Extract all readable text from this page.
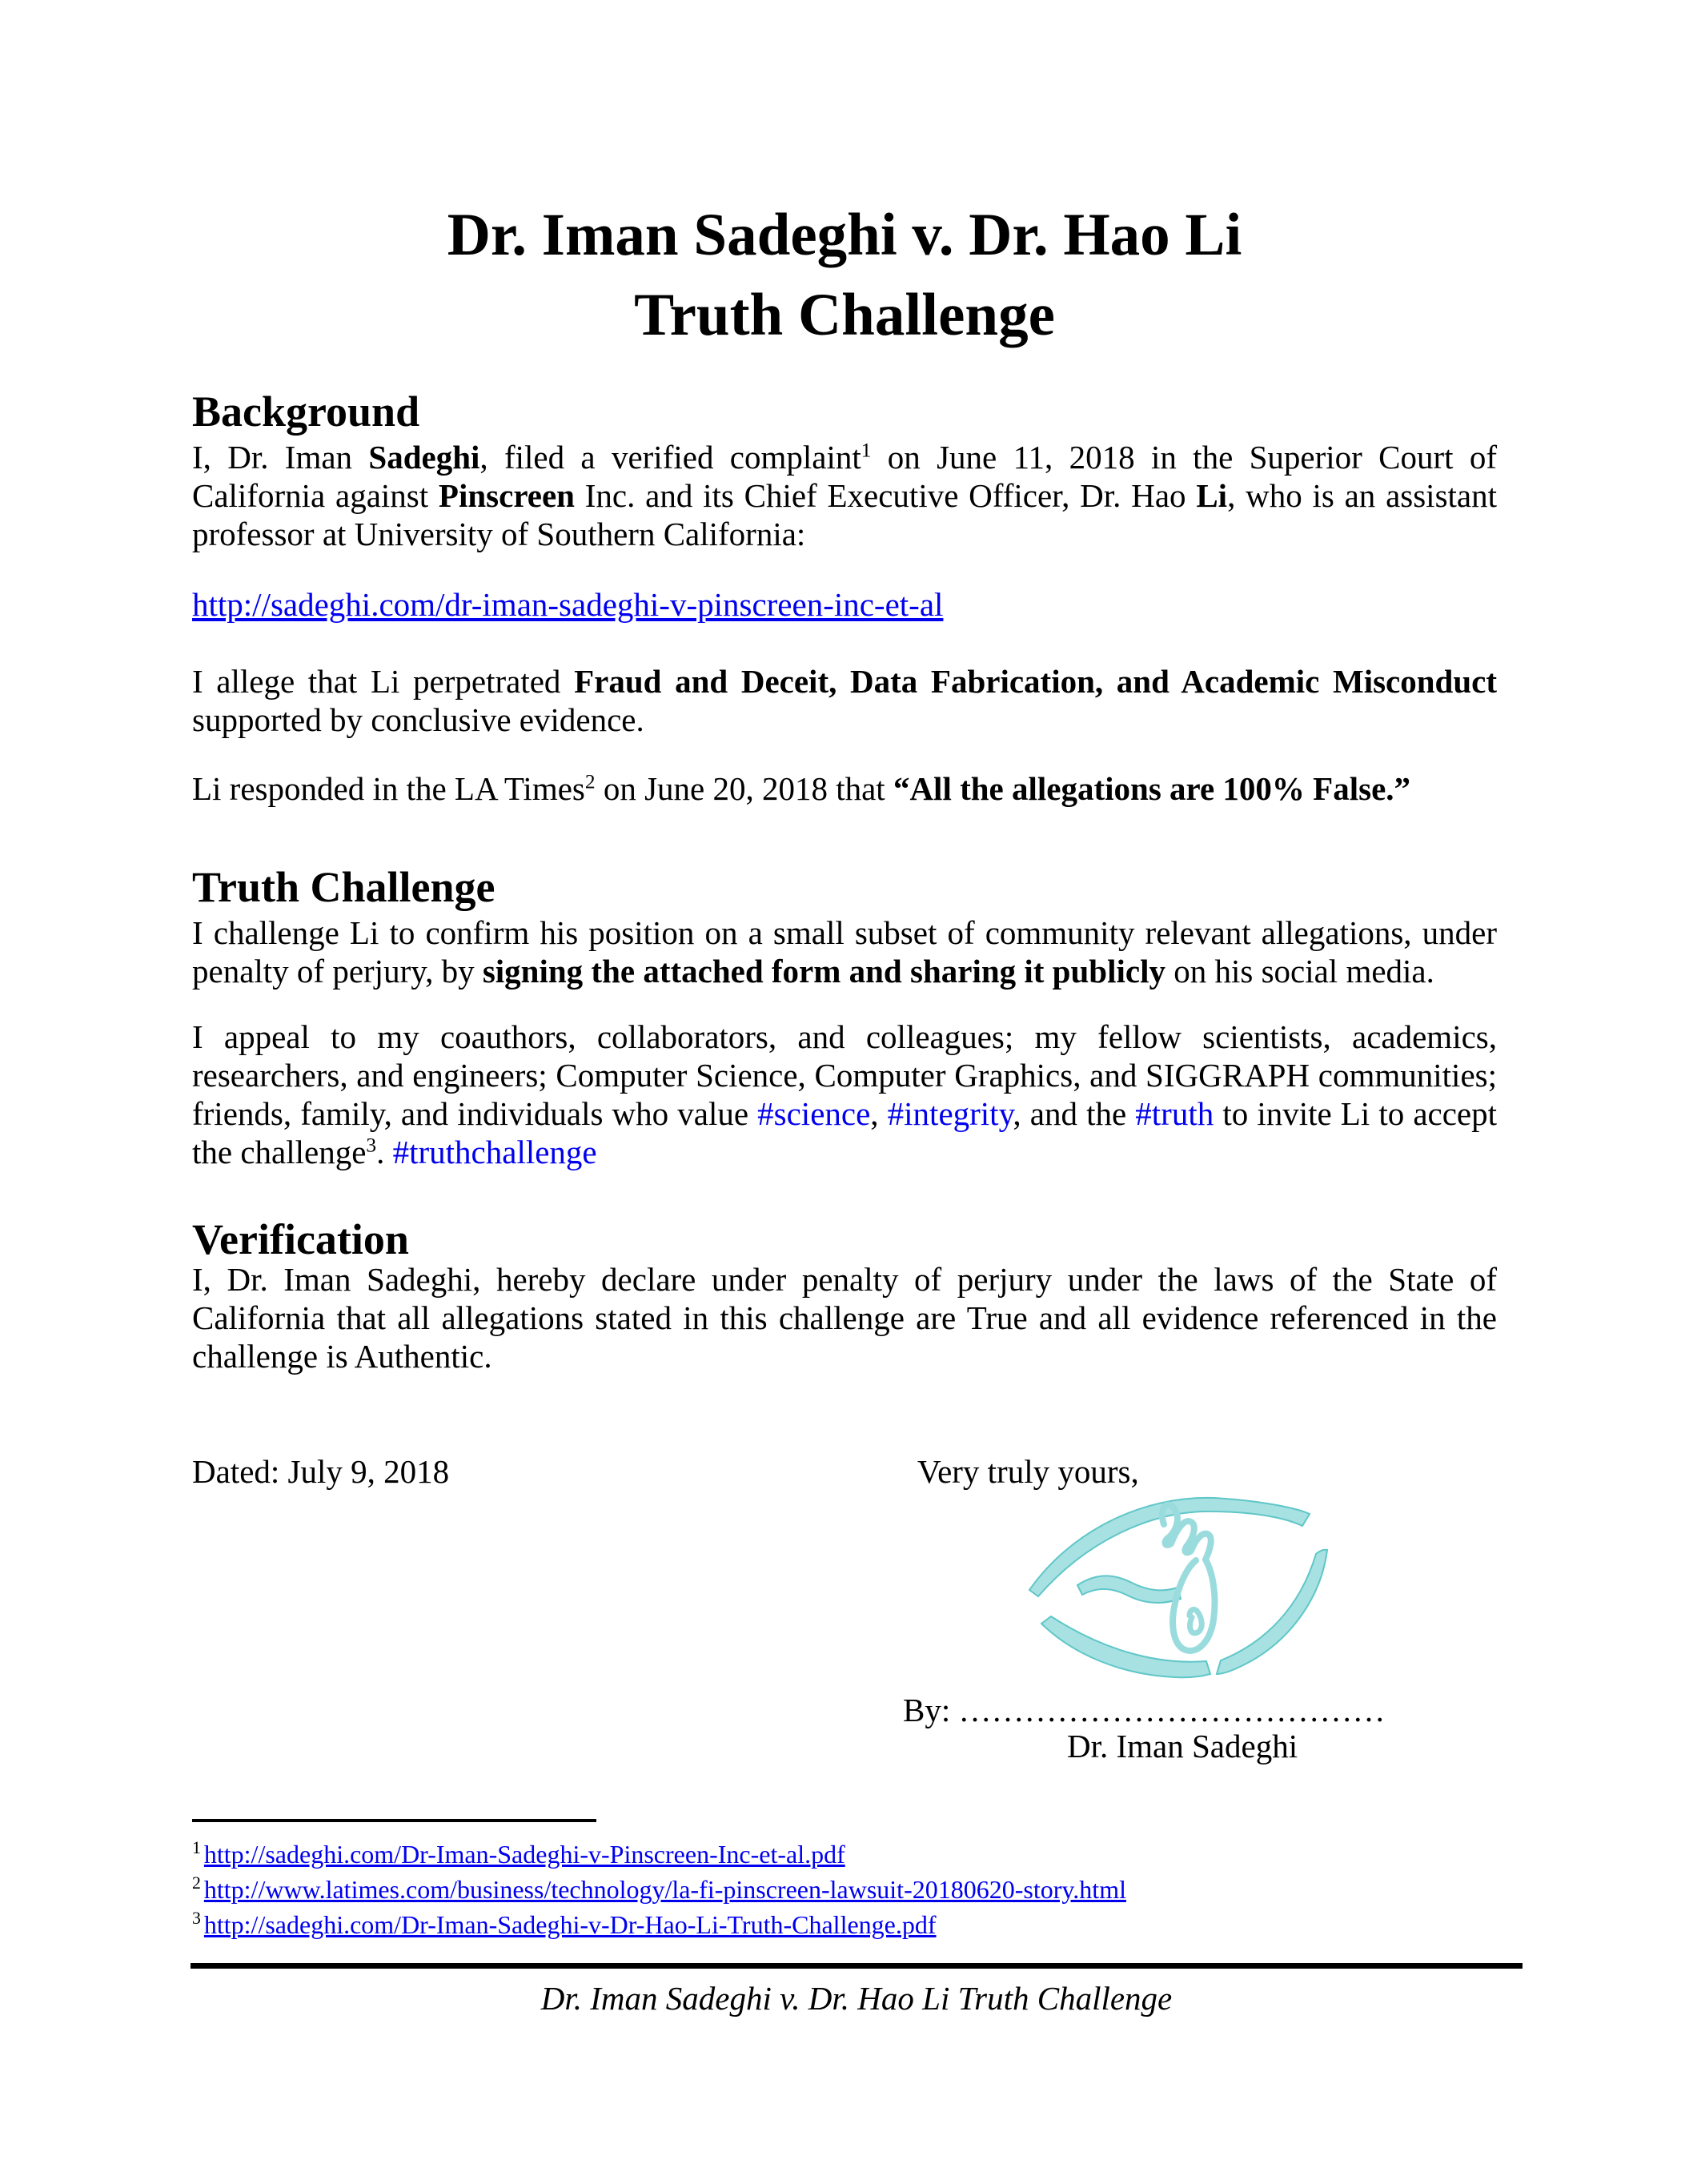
Dr. Iman Sadeghi v. Dr. Hao Li
Truth Challenge
Background
I, Dr. Iman Sadeghi, filed a verified complaint$^1$ on June 11, 2018 in the Superior Court of California against Pinscreen Inc. and its Chief Executive Officer, Dr. Hao Li, who is an assistant professor at University of Southern California:
http://sadeghi.com/dr-iman-sadeghi-v-pinscreen-inc-et-al
I allege that Li perpetrated Fraud and Deceit, Data Fabrication, and Academic Misconduct supported by conclusive evidence.
Li responded in the LA Times$^2$ on June 20, 2018 that “All the allegations are 100% False.”
Truth Challenge
I challenge Li to confirm his position on a small subset of community relevant allegations, under penalty of perjury, by signing the attached form and sharing it publicly on his social media.
I appeal to my coauthors, collaborators, and colleagues; my fellow scientists, academics, researchers, and engineers; Computer Science, Computer Graphics, and SIGGRAPH communities; friends, family, and individuals who value #science, #integrity, and the #truth to invite Li to accept the challenge$^3$. #truthchallenge
Verification
I, Dr. Iman Sadeghi, hereby declare under penalty of perjury under the laws of the State of California that all allegations stated in this challenge are True and all evidence referenced in the challenge is Authentic.
Dated: July 9, 2018	Very truly yours,
By: …………………………………
Dr. Iman Sadeghi
$^1$ http://sadeghi.com/Dr-Iman-Sadeghi-v-Pinscreen-Inc-et-al.pdf
$^2$ http://www.latimes.com/business/technology/la-fi-pinscreen-lawsuit-20180620-story.html
$^3$ http://sadeghi.com/Dr-Iman-Sadeghi-v-Dr-Hao-Li-Truth-Challenge.pdf
Dr. Iman Sadeghi v. Dr. Hao Li Truth Challenge
